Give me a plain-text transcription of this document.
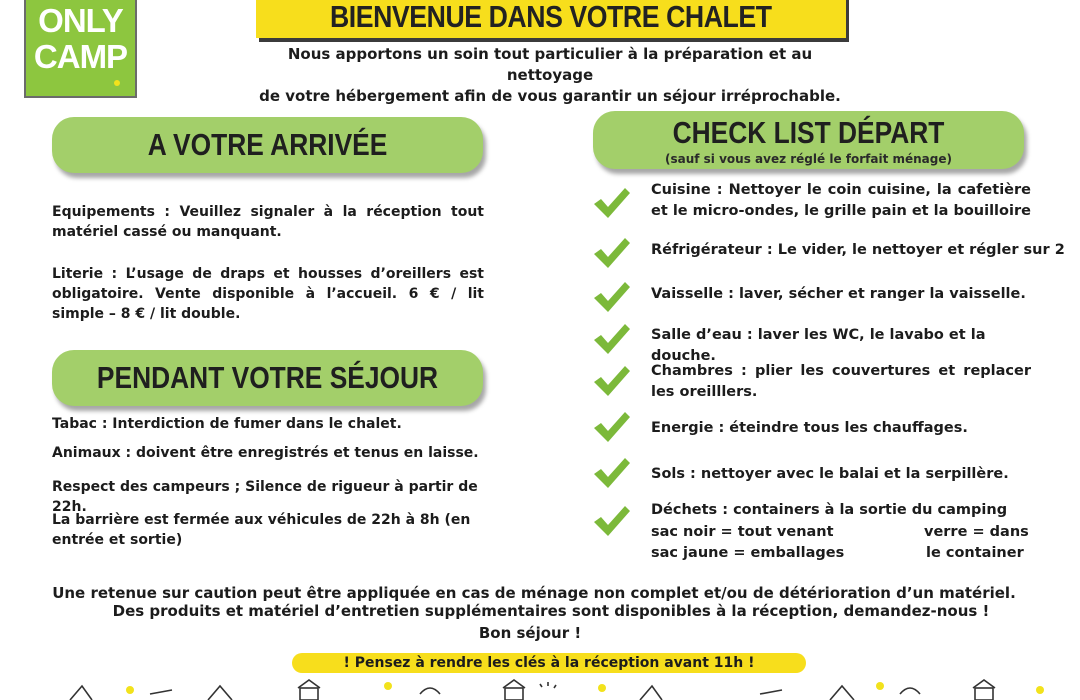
ONLY
CAMP
BIENVENUE DANS VOTRE CHALET
Nous apportons un soin tout particulier à la préparation et au nettoyage
de votre hébergement afin de vous garantir un séjour irréprochable.
A VOTRE ARRIVÉE
Equipements : Veuillez signaler à la réception tout matériel cassé ou manquant.
Literie : L’usage de draps et housses d’oreillers est obligatoire. Vente disponible à l’accueil. 6 € / lit simple – 8 € / lit double.
PENDANT VOTRE SÉJOUR
Tabac : Interdiction de fumer dans le chalet.
Animaux : doivent être enregistrés et tenus en laisse.
Respect des campeurs ; Silence de rigueur à partir de 22h.
La barrière est fermée aux véhicules de 22h à 8h (en entrée et sortie)
CHECK LIST DÉPART
(sauf si vous avez réglé le forfait ménage)
Cuisine : Nettoyer le coin cuisine, la cafetière et le micro-ondes, le grille pain et la bouilloire
Réfrigérateur : Le vider, le nettoyer et régler sur 2
Vaisselle : laver, sécher et ranger la vaisselle.
Salle d’eau : laver les WC, le lavabo et la douche.
Chambres : plier les couvertures et replacer les oreilllers.
Energie : éteindre tous les chauffages.
Sols : nettoyer avec le balai et la serpillère.
Déchets : containers à la sortie du camping
sac noir = tout venant	verre = dans
sac jaune = emballages	le container
Une retenue sur caution peut être appliquée en cas de ménage non complet et/ou de détérioration d’un matériel.
Des produits et matériel d’entretien supplémentaires sont disponibles à la réception, demandez-nous !
Bon séjour !
! Pensez à rendre les clés à la réception avant 11h !
